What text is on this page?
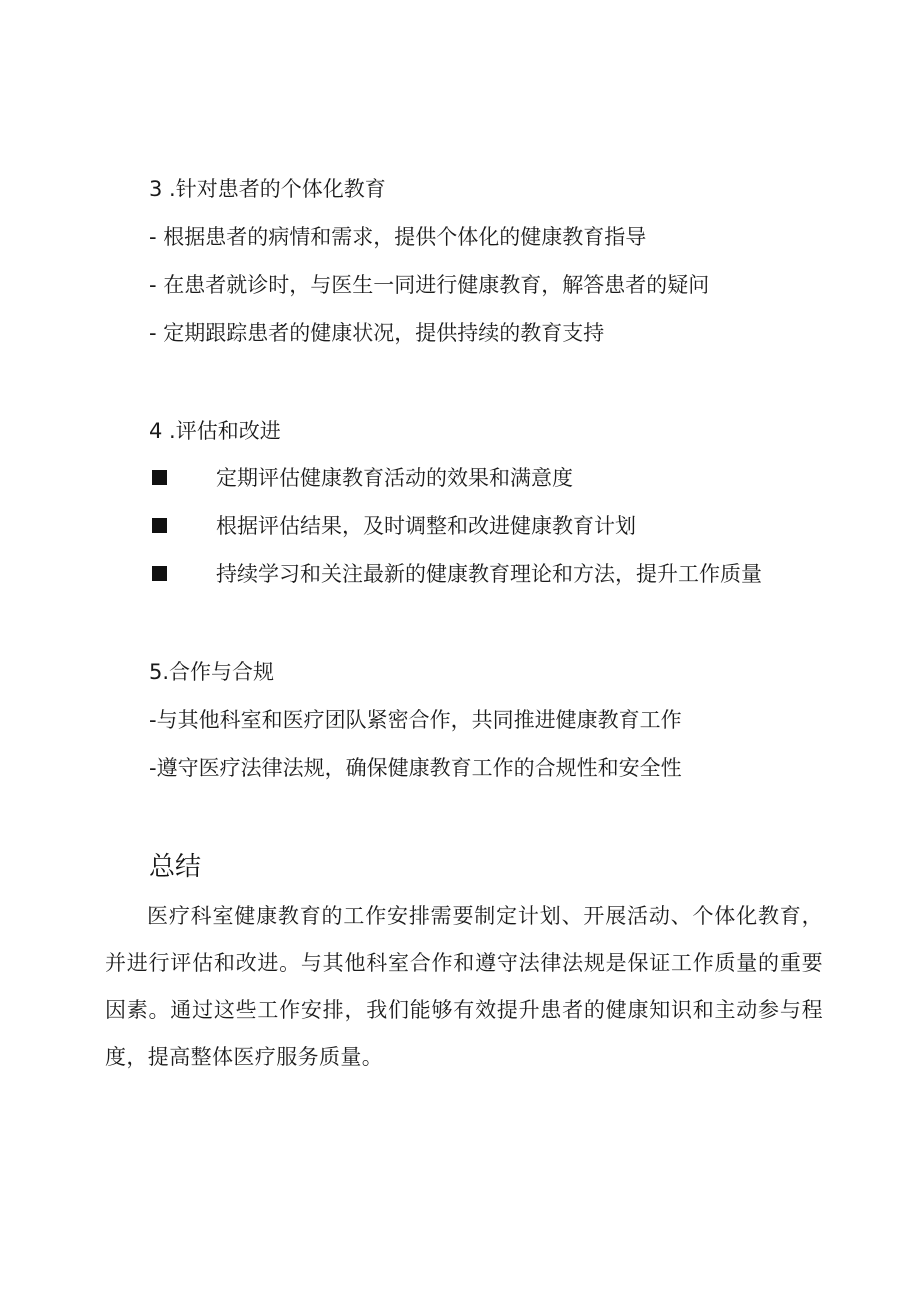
3 .针对患者的个体化教育
- 根据患者的病情和需求，提供个体化的健康教育指导
- 在患者就诊时，与医生一同进行健康教育，解答患者的疑问
- 定期跟踪患者的健康状况，提供持续的教育支持
4 .评估和改进
定期评估健康教育活动的效果和满意度
根据评估结果，及时调整和改进健康教育计划
持续学习和关注最新的健康教育理论和方法，提升工作质量
5.合作与合规
-与其他科室和医疗团队紧密合作，共同推进健康教育工作
-遵守医疗法律法规，确保健康教育工作的合规性和安全性
总结
医疗科室健康教育的工作安排需要制定计划、开展活动、个体化教育，并进行评估和改进。与其他科室合作和遵守法律法规是保证工作质量的重要因素。通过这些工作安排，我们能够有效提升患者的健康知识和主动参与程度，提高整体医疗服务质量。
